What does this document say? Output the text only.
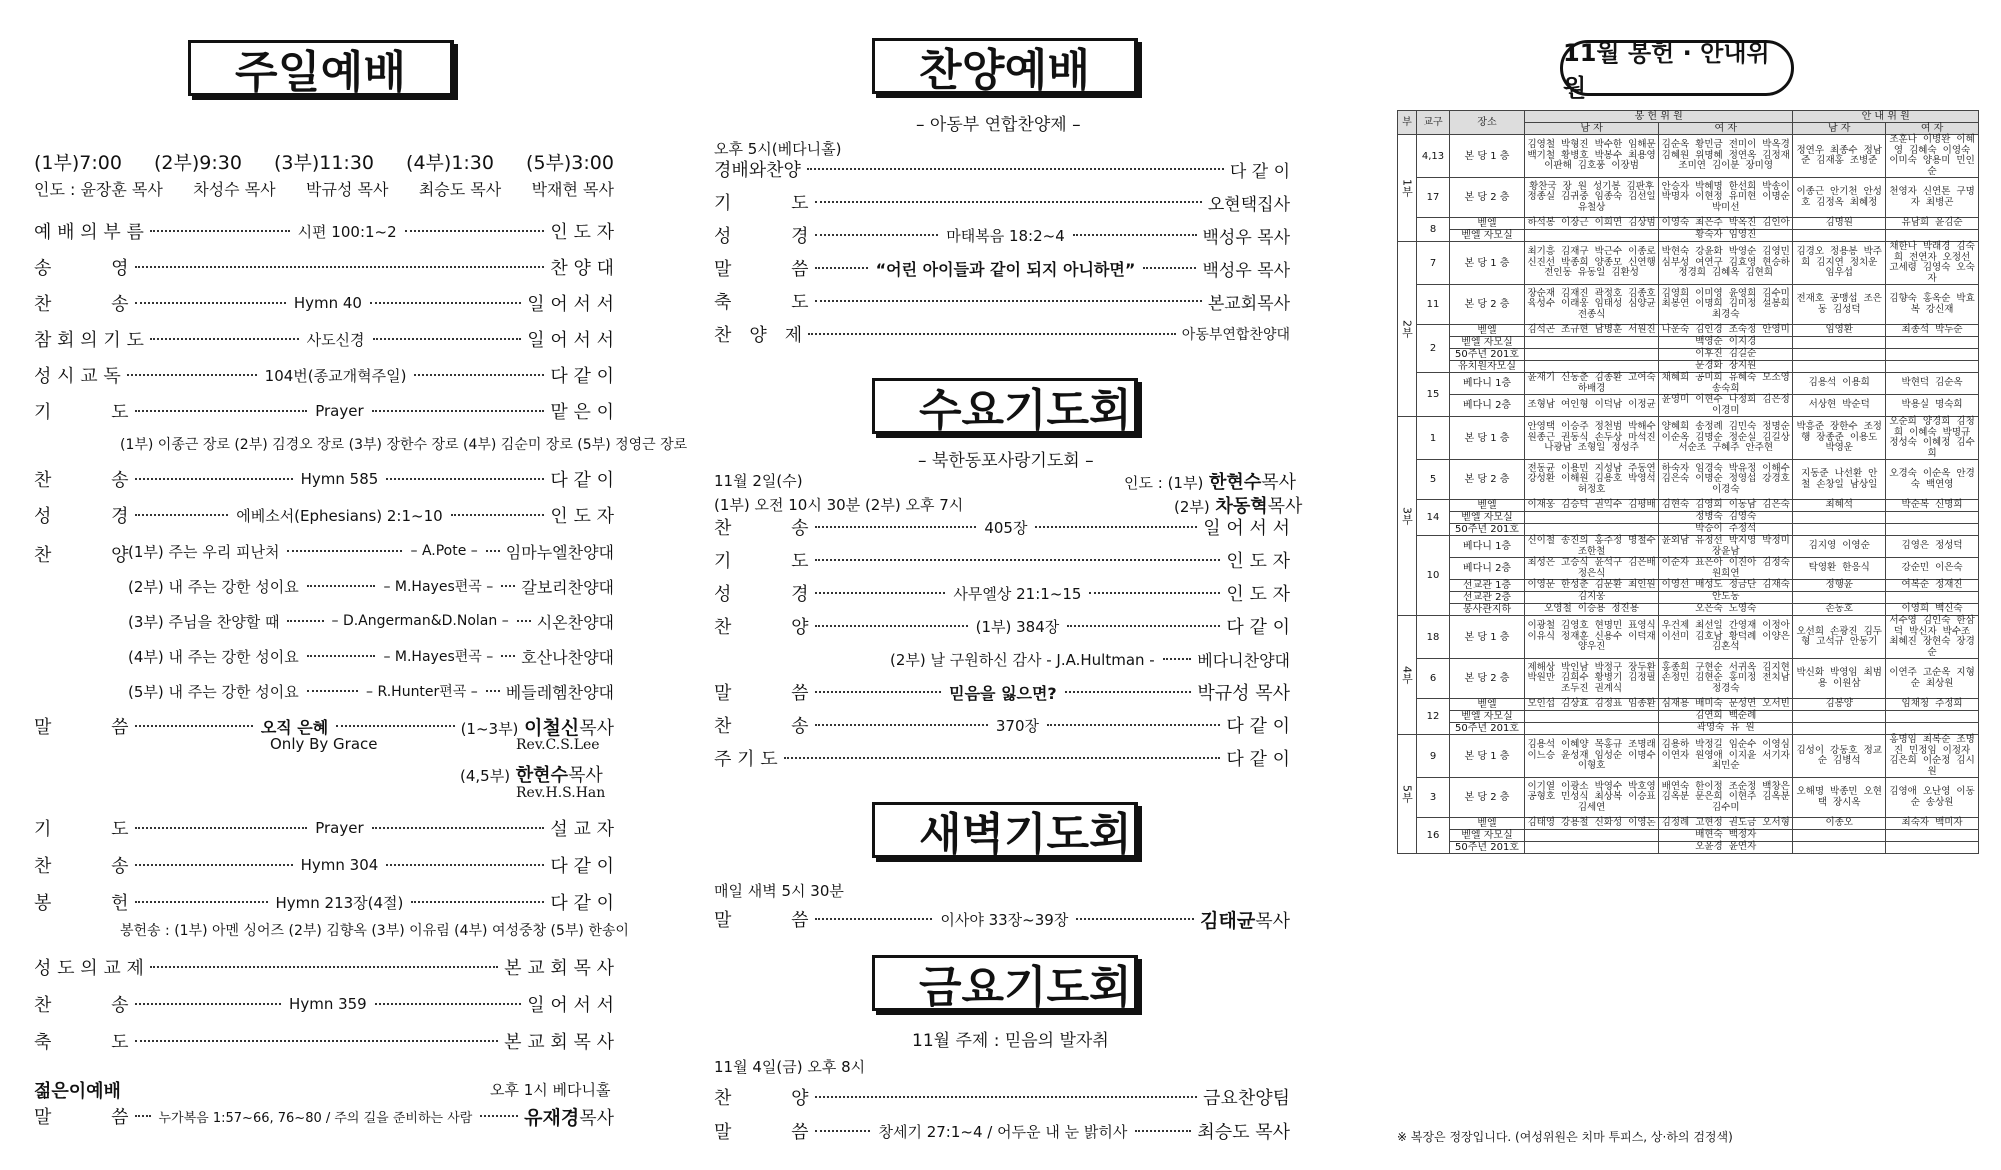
주 일 예 배
(1부)7:00 (2부)9:30 (3부)11:30 (4부)1:30 (5부)3:00
인도 : 윤장훈 목사 차성수 목사 박규성 목사 최승도 목사 박재현 목사
예 배 의 부 름	시편 100:1~2	인 도 자
송　　　 영	찬 양 대
찬　　　 송	Hymn 40	일 어 서 서
참 회 의 기 도	사도신경	일 어 서 서
성 시 교 독	104번(종교개혁주일)	다 같 이
기　　　 도	Prayer	맡 은 이
(1부) 이종근 장로 (2부) 김경오 장로 (3부) 장한수 장로 (4부) 김순미 장로 (5부) 정영근 장로
찬　　　 송	Hymn 585	다 같 이
성　　　 경	에베소서(Ephesians) 2:1~10	인 도 자
찬　　　 양 (1부) 주는 우리 피난처	– A.Pote – 임마누엘찬양대
(2부) 내 주는 강한 성이요	– M.Hayes편곡 – 갈보리찬양대
(3부) 주님을 찬양할 때	– D.Angerman&D.Nolan – 시온찬양대
(4부) 내 주는 강한 성이요	– M.Hayes편곡 – 호산나찬양대
(5부) 내 주는 강한 성이요	– R.Hunter편곡 – 베들레헴찬양대
말　　　 씀	오직 은혜	(1~3부) 이철신목사
Only By Grace	Rev.C.S.Lee
(4,5부) 한현수목사
Rev.H.S.Han
기　　　 도	Prayer	설 교 자
찬　　　 송	Hymn 304	다 같 이
봉　　　 헌	Hymn 213장(4절)	다 같 이
봉헌송 : (1부) 아멘 싱어즈 (2부) 김향옥 (3부) 이유림 (4부) 여성중창 (5부) 한송이
성 도 의 교 제	본 교 회 목 사
찬　　　 송	Hymn 359	일 어 서 서
축　　　 도	본 교 회 목 사
젊은이예배	오후 1시 베다니홀
말　　　 씀 누가복음 1:57~66, 76~80 / 주의 길을 준비하는 사람	유재경목사
찬 양 예 배
– 아동부 연합찬양제 –
오후 5시(베다니홀)
경배와찬양	다 같 이
기　　　 도	오현택집사
성　　　 경	마태복음 18:2~4	백성우 목사
말　　　 씀	“어린 아이들과 같이 되지 아니하면”	백성우 목사
축　　　 도	본교회목사
찬　양　제	아동부연합찬양대
수 요 기 도 회
– 북한동포사랑기도회 –
11월 2일(수)	인도 : (1부) 한현수목사
(1부) 오전 10시 30분 (2부) 오후 7시	(2부) 차동혁목사
찬　　　 송	405장	일 어 서 서
기　　　 도	인 도 자
성　　　 경	사무엘상 21:1~15	인 도 자
찬　　　 양	(1부) 384장	다 같 이
(2부) 날 구원하신 감사 - J.A.Hultman -	베다니찬양대
말　　　 씀	믿음을 잃으면?	박규성 목사
찬　　　 송	370장	다 같 이
주 기 도	다 같 이
새 벽 기 도 회
매일 새벽 5시 30분
말　　　 씀	이사야 33장~39장	김태균목사
금 요 기 도 회
11월 주제 : 믿음의 발자취
11월 4일(금) 오후 8시
찬　　　 양	금요찬양팀
말　　　 씀	창세기 27:1~4 / 어두운 내 눈 밝히사	최승도 목사
11월 봉헌 · 안내위원
부	교구	장소	봉 헌 위 원		안 내 위 원	
			남 자	여 자	남 자	여 자
1부	4,13	본 당 1 층	김영철 박형진 박수한 임해문 백기철 황병호 박봉수 최용영 이판해 김호풍 이장범	김순옥 황민금 전미이 박옥경 김혜원 위명혜 정연옥 김정재 조미연 김이분 장미영	정연우 최종수 정남준 김재홍 조병준	조훈나 이병완 이혜영 김혜숙 이영숙 이미숙 양용미 민인순
	17	본 당 2 층	황찬국 장 원 성기봉 김판후 정종실 김귀중 임종숙 김선일 유철상	안승자 박혜명 한선희 박송이 박명자 이현정 유미현 이명순 박미선	이종근 안기천 안성호 김정옥 최혜정	천영자 신연톤 구명자 최병곤
	8	벧엘	하석봉 이장근 이희연 김상범	이영숙 최은주 박옥진 김인아	김명원	유남희 윤김순
		벧엘 자모실		황숙자 임영진		
2부	7	본 당 1 층	최기흥 김재구 박근수 이종로 신진선 박종희 양종모 신연행 전인동 유동일 김환성	박현숙 강윤화 박영순 김영민 심부성 여연구 김효영 현승하 정경희 김혜옥 김현희	김경오 정용봉 박주희 김지연 정치운 임우섭	채한나 박래경 김숙희 전연자 오정선 고세령 김영숙 오숙자
	11	본 당 2 층	장순재 김재진 곽정호 김종호 육성수 이래웅 임태성 심양균 전종식	김영희 이미영 윤영희 김수미 최봉연 이명희 김미정 설봉희 최경숙	전재호 공맹섭 조은동 김성덕	김향숙 홍옥순 박효복 강신재
	2	벧엘	김석곤 조규현 남병훈 서원진	나운숙 김인경 조숙정 안영미	임영환	최종석 박두순
		벧엘 자모실		백영순 이지경		
		50주년 201호		이후진 김길순		
		유치원자모실		문경화 장지원		
	15	베다니 1층	윤재기 신동춘 김종환 고여숙 하배경	채혜희 공미희 유혜숙 모소영 송숙희	김용석 이용희	박현덕 김순옥
		베다니 2층	조형남 여인형 이덕남 이정균	윤영미 이현수 나정희 김은정 이경미	서상현 박순덕	박용실 명숙희
3부	1	본 당 1 층	안영택 이승주 정천범 박해수 원종근 권동식 손두상 마석진 나광남 조형일 정성주	양혜희 송정례 김민숙 정명순 이순옥 김명순 정순실 김길상 서순조 구혜주 안주현	박흥준 장한수 조정행 장종준 이용도 박영운	오순희 양경희 김청희 이혜숙 박명규 정성숙 이혜정 김수희
	5	본 당 2 층	전동균 이용민 지성남 주동연 강성환 이해원 김용호 박영석 허정호	하숙자 임경숙 박유정 이해수 김은숙 이명순 정영섭 강경호 이경숙	지동준 나선환 안 철 손창일 남상일	오경숙 이순옥 안경숙 백연영
	14	벧엘	이재웅 김승덕 권익수 김평배	김현숙 김영희 이동남 김은숙	최혜석	박순복 신명희
		벧엘 자모실		정병숙 김영숙		
		50주년 201호		박승이 주정석		
	10	베다니 1층	신이철 송진의 홍주정 명철수 조한철	윤외남 유정선 박지영 박정미 장윤남	김지영 이영순	김영은 정성덕
		베다니 2층	최성은 고승식 윤석구 김은배 정은식	이순자 표은아 이진아 김정숙 원희연	탁영환 한응식	강순민 이은숙
		선교관 1층	이영문 한성춘 김문환 최인원	이영선 배성도 정금단 김재숙	정행윤	여복순 정재진
		선교관 2층	김지웅	안도동		
		봉사관지하	오영철 이승용 정진용	오은숙 노영숙	손동호	이영희 백신숙
4부	18	본 당 1 층	이광철 김영호 현명민 표영식 이유식 정재훈 신용수 이덕재 양우진	우건제 최선일 간영재 이정아 이선미 김호남 황덕례 이양은 김혼석	오선희 손광진 김두형 고석규 안동기	서수영 김인숙 한삼덕 박신자 박수조 최혜진 장현숙 장경순
	6	본 당 2 층	제해상 박인남 박정구 장두환 박원만 김희수 황병기 김정필 조두진 권계식	홍종희 구현순 서귀옥 김지현 손정민 김현순 홍미정 전치남 정경숙	박신화 박영임 최범용 이원삼	이연주 고순옥 지형순 최상원
	12	벧엘	모인섭 김상효 김정표 임종환	심재용 배미숙 문성연 오서빈	김봉양	임채청 주정희
		벧엘 자모실		김연희 백순례		
		50주년 201호		곽영숙 유 원		
5부	9	본 당 1 층	김용석 이혜양 목홍규 조명래 이느승 윤성재 임성순 이명수 이형호	김용하 박정길 임순수 이영심 이연자 원영애 이지윤 서기자 최민순	김성이 강동호 정교순 김병석	홍명임 최복순 조명진 민정임 이정자 김은희 이순정 김시원
	3	본 당 2 층	이기열 이광소 박영수 박호영 공형호 민성식 최상복 이승표 김세연	배연숙 한이정 조순정 백창은 김옥분 문은희 이현주 김옥분 김수미	오해명 박종민 오현택 장시옥	김영애 오난영 이동순 송상원
	16	벧엘	김태영 강용철 신화성 이영돈	김정례 고현정 권도금 오서형	이종오	최숙자 백미자
		벧엘 자모실		배현숙 백정자		
		50주년 201호		오윤경 윤연자		
※ 복장은 정장입니다. (여성위원은 치마 투피스, 상·하의 검정색)
